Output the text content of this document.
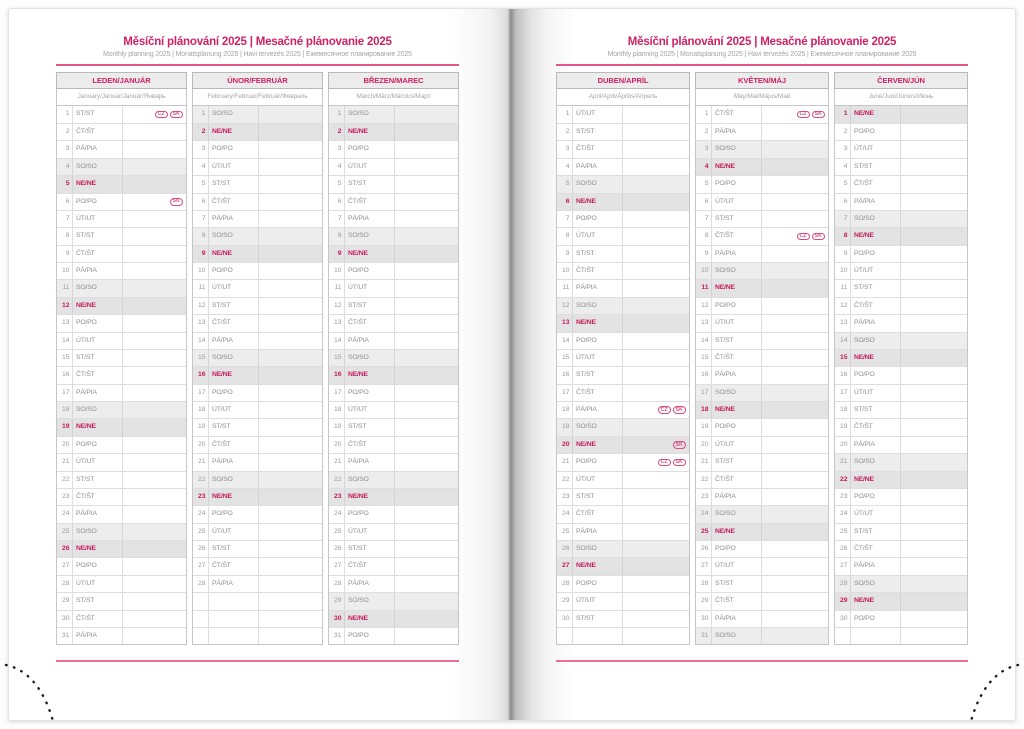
Měsíční plánování 2025 | Mesačné plánovanie 2025
Monthly planning 2025 | Monatsplanung 2025 | Havi tervezés 2025 | Ежемесячное планирование 2025
LEDEN/JANUÁR
January/Januar/Január/Январь
1 ST/ST	CZ	SK
2 ČT/ŠT
3 PÁ/PIA
4 SO/SO
5 NE/NE
6 PO/PO	SK
7 ÚT/UT
8 ST/ST
9 ČT/ŠT
10 PÁ/PIA
11 SO/SO
12 NE/NE
13 PO/PO
14 ÚT/UT
15 ST/ST
16 ČT/ŠT
17 PÁ/PIA
18 SO/SO
19 NE/NE
20 PO/PO
21 ÚT/UT
22 ST/ST
23 ČT/ŠT
24 PÁ/PIA
25 SO/SO
26 NE/NE
27 PO/PO
28 ÚT/UT
29 ST/ST
30 ČT/ŠT
31 PÁ/PIA
ÚNOR/FEBRUÁR
February/Februar/Február/Февраль
1 SO/SO
2 NE/NE
3 PO/PO
4 ÚT/UT
5 ST/ST
6 ČT/ŠT
7 PÁ/PIA
8 SO/SO
9 NE/NE
10 PO/PO
11 ÚT/UT
12 ST/ST
13 ČT/ŠT
14 PÁ/PIA
15 SO/SO
16 NE/NE
17 PO/PO
18 ÚT/UT
19 ST/ST
20 ČT/ŠT
21 PÁ/PIA
22 SO/SO
23 NE/NE
24 PO/PO
25 ÚT/UT
26 ST/ST
27 ČT/ŠT
28 PÁ/PIA
BŘEZEN/MAREC
March/März/Március/Март
1 SO/SO
2 NE/NE
3 PO/PO
4 ÚT/UT
5 ST/ST
6 ČT/ŠT
7 PÁ/PIA
8 SO/SO
9 NE/NE
10 PO/PO
11 ÚT/UT
12 ST/ST
13 ČT/ŠT
14 PÁ/PIA
15 SO/SO
16 NE/NE
17 PO/PO
18 ÚT/UT
19 ST/ST
20 ČT/ŠT
21 PÁ/PIA
22 SO/SO
23 NE/NE
24 PO/PO
25 ÚT/UT
26 ST/ST
27 ČT/ŠT
28 PÁ/PIA
29 SO/SO
30 NE/NE
31 PO/PO
Měsíční plánování 2025 | Mesačné plánovanie 2025
Monthly planning 2025 | Monatsplanung 2025 | Havi tervezés 2025 | Ежемесячное планирование 2025
DUBEN/APRÍL
April/April/Április/Апрель
1 ÚT/UT
2 ST/ST
3 ČT/ŠT
4 PÁ/PIA
5 SO/SO
6 NE/NE
7 PO/PO
8 ÚT/UT
9 ST/ST
10 ČT/ŠT
11 PÁ/PIA
12 SO/SO
13 NE/NE
14 PO/PO
15 ÚT/UT
16 ST/ST
17 ČT/ŠT
18 PÁ/PIA	CZ	SK
19 SO/SO
20 NE/NE	SK
21 PO/PO	CZ	SK
22 ÚT/UT
23 ST/ST
24 ČT/ŠT
25 PÁ/PIA
26 SO/SO
27 NE/NE
28 PO/PO
29 ÚT/UT
30 ST/ST
KVĚTEN/MÁJ
May/Mai/Május/Май
1 ČT/ŠT	CZ	SK
2 PÁ/PIA
3 SO/SO
4 NE/NE
5 PO/PO
6 ÚT/UT
7 ST/ST
8 ČT/ŠT	CZ	SK
9 PÁ/PIA
10 SO/SO
11 NE/NE
12 PO/PO
13 ÚT/UT
14 ST/ST
15 ČT/ŠT
16 PÁ/PIA
17 SO/SO
18 NE/NE
19 PO/PO
20 ÚT/UT
21 ST/ST
22 ČT/ŠT
23 PÁ/PIA
24 SO/SO
25 NE/NE
26 PO/PO
27 ÚT/UT
28 ST/ST
29 ČT/ŠT
30 PÁ/PIA
31 SO/SO
ČERVEN/JÚN
June/Juni/Június/Июнь
1 NE/NE
2 PO/PO
3 ÚT/UT
4 ST/ST
5 ČT/ŠT
6 PÁ/PIA
7 SO/SO
8 NE/NE
9 PO/PO
10 ÚT/UT
11 ST/ST
12 ČT/ŠT
13 PÁ/PIA
14 SO/SO
15 NE/NE
16 PO/PO
17 ÚT/UT
18 ST/ST
19 ČT/ŠT
20 PÁ/PIA
21 SO/SO
22 NE/NE
23 PO/PO
24 ÚT/UT
25 ST/ST
26 ČT/ŠT
27 PÁ/PIA
28 SO/SO
29 NE/NE
30 PO/PO
